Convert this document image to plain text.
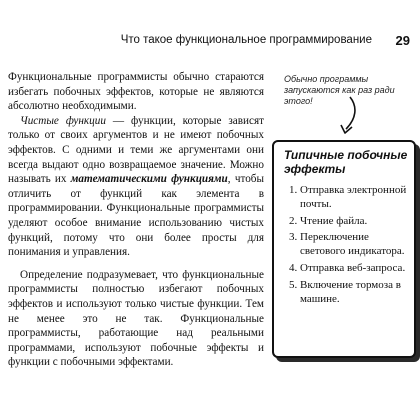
Что такое функциональное программирование 29

Функциональные программисты обычно стараются избегать побочных эффектов, которые не являются абсолютно необходимыми.

Чистые функции — функции, которые зависят только от своих аргументов и не имеют побочных эффектов. С одними и теми же аргументами они всегда выдают одно возвращаемое значение. Можно называть их математическими функциями, чтобы отличить от функций как элемента в программировании. Функциональные программисты уделяют особое внимание использованию чистых функций, потому что они более просты для понимания и управления.

Определение подразумевает, что функциональные программисты полностью избегают побочных эффектов и используют только чистые функции. Тем не менее это не так. Функциональные программисты, работающие над реальными программами, используют побочные эффекты и функции с побочными эффектами.

Обычно программы запускаются как раз ради этого!
Типичные побочные эффекты
1. Отправка электронной почты.
2. Чтение файла.
3. Переключение светового индикатора.
4. Отправка веб-запроса.
5. Включение тормоза в машине.
